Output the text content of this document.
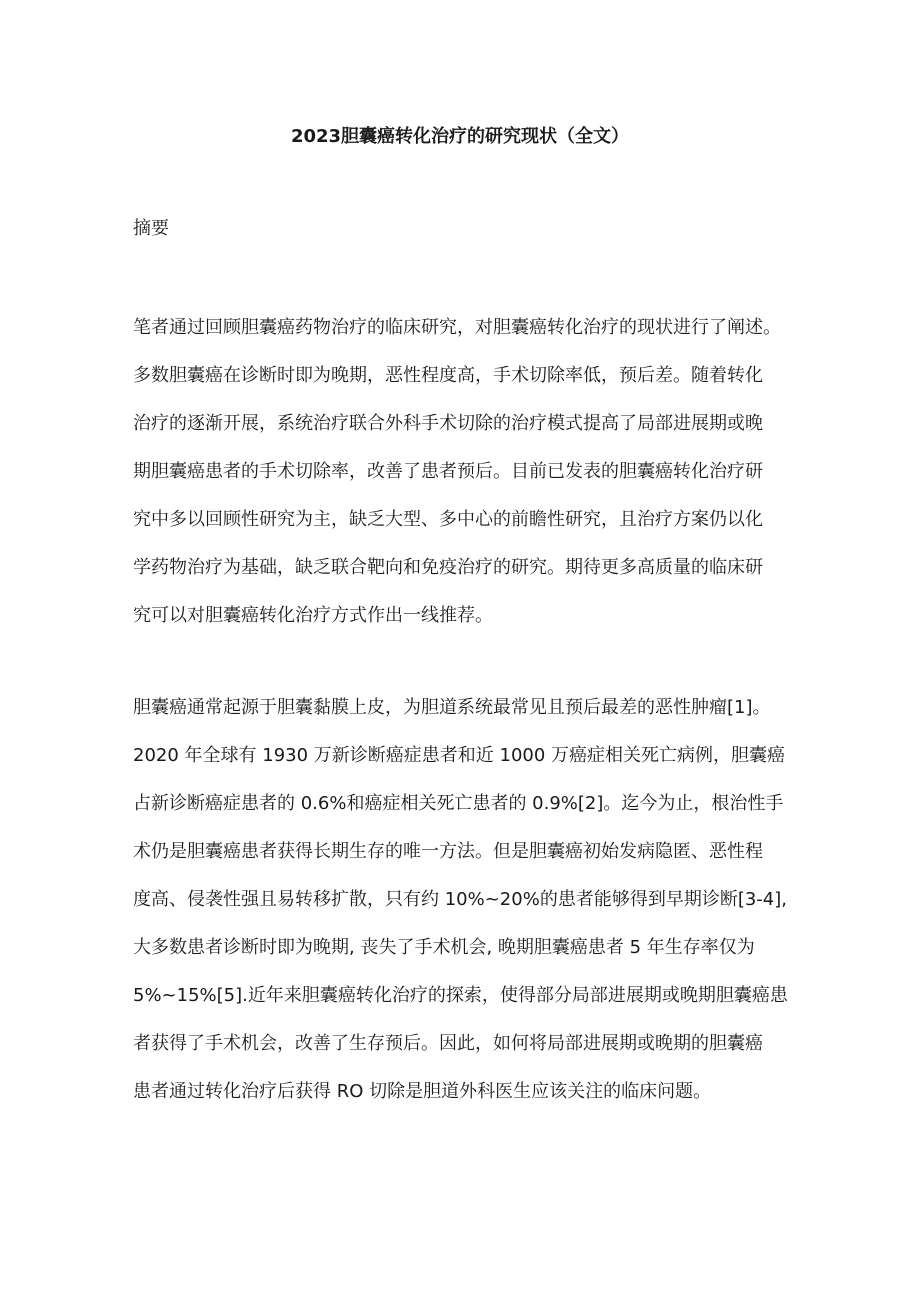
2023胆囊癌转化治疗的研究现状（全文）
摘要
笔者通过回顾胆囊癌药物治疗的临床研究，对胆囊癌转化治疗的现状进行了阐述。
多数胆囊癌在诊断时即为晚期，恶性程度高，手术切除率低，预后差。随着转化
治疗的逐渐开展，系统治疗联合外科手术切除的治疗模式提高了局部进展期或晚
期胆囊癌患者的手术切除率，改善了患者预后。目前已发表的胆囊癌转化治疗研
究中多以回顾性研究为主，缺乏大型、多中心的前瞻性研究，且治疗方案仍以化
学药物治疗为基础，缺乏联合靶向和免疫治疗的研究。期待更多高质量的临床研
究可以对胆囊癌转化治疗方式作出一线推荐。
胆囊癌通常起源于胆囊黏膜上皮，为胆道系统最常见且预后最差的恶性肿瘤[1]。
2020 年全球有 1930 万新诊断癌症患者和近 1000 万癌症相关死亡病例，胆囊癌
占新诊断癌症患者的 0.6%和癌症相关死亡患者的 0.9%[2]。迄今为止，根治性手
术仍是胆囊癌患者获得长期生存的唯一方法。但是胆囊癌初始发病隐匿、恶性程
度高、侵袭性强且易转移扩散，只有约 10%~20%的患者能够得到早期诊断[3-4],
大多数患者诊断时即为晚期, 丧失了手术机会, 晚期胆囊癌患者 5 年生存率仅为
5%~15%[5].近年来胆囊癌转化治疗的探索，使得部分局部进展期或晚期胆囊癌患
者获得了手术机会，改善了生存预后。因此，如何将局部进展期或晚期的胆囊癌
患者通过转化治疗后获得 RO 切除是胆道外科医生应该关注的临床问题。
